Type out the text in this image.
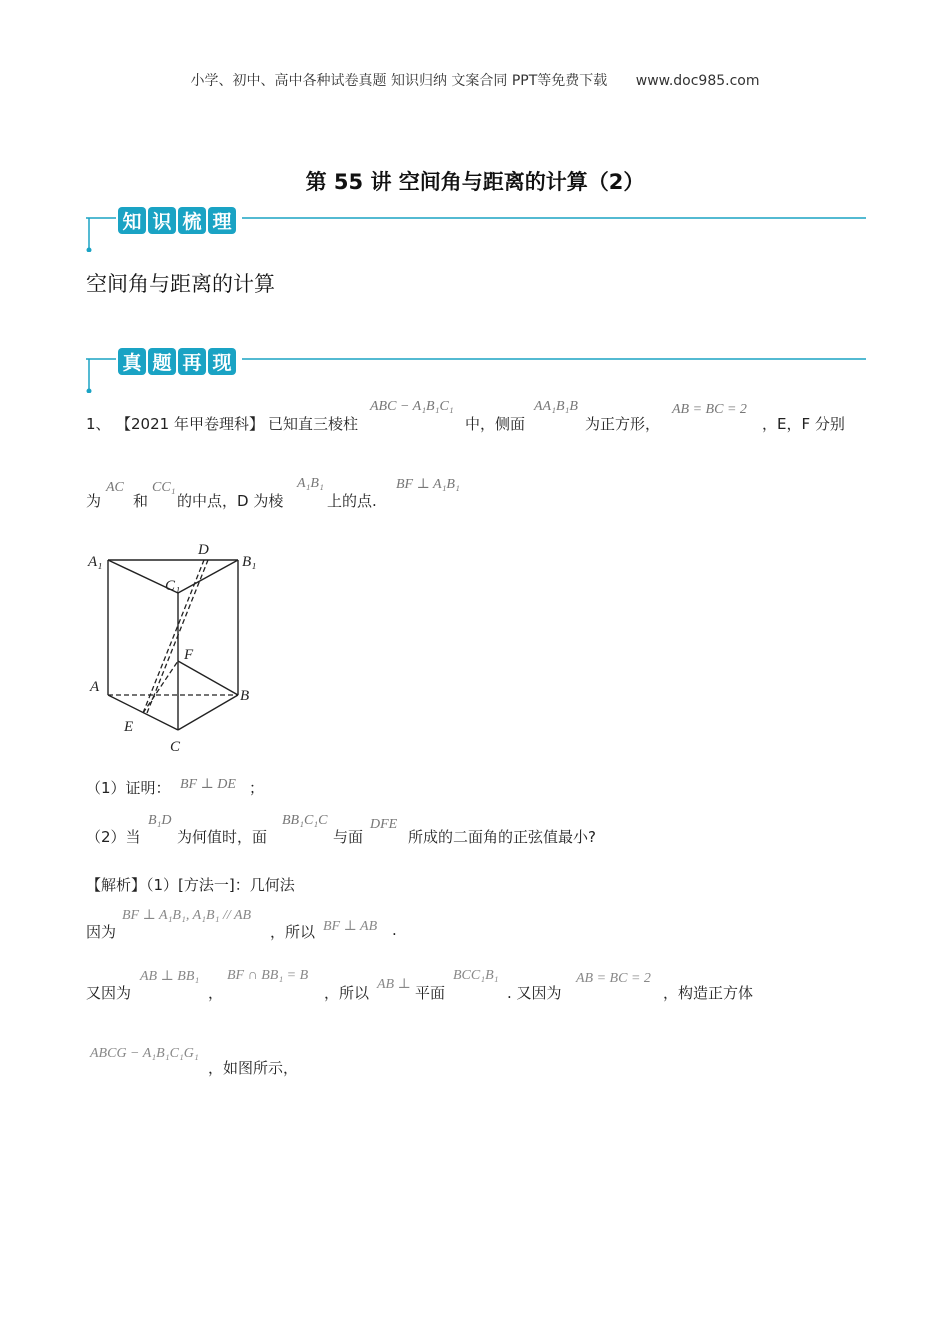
小学、初中、高中各种试卷真题 知识归纳 文案合同 PPT等免费下载 www.doc985.com
第 55 讲 空间角与距离的计算（2）
知 识 梳 理
空间角与距离的计算
真 题 再 现
1、 【2021 年甲卷理科】 已知直三棱柱
ABC − A₁B₁C₁
中，侧面
AA₁B₁B
为正方形，
AB = BC = 2
，E，F 分别
为
AC
和
CC₁
的中点，D 为棱
A₁B₁
上的点.
BF ⊥ A₁B₁
A₁
D
B₁
C₁
F
A
B
E
C
（1）证明： BF ⊥ DE ；
（2）当
B₁D
为何值时，面
BB₁C₁C
与面
DFE
所成的二面角的正弦值最小?
【解析】（1）[方法一]：几何法
因为
BF ⊥ A₁B₁, A₁B₁ // AB
，所以 BF ⊥ AB .
又因为
AB ⊥ BB₁
，
BF ∩ BB₁ = B
，所以 AB ⊥ 平面
BCC₁B₁
. 又因为
AB = BC = 2
，构造正方体
ABCG − A₁B₁C₁G₁
，如图所示，
